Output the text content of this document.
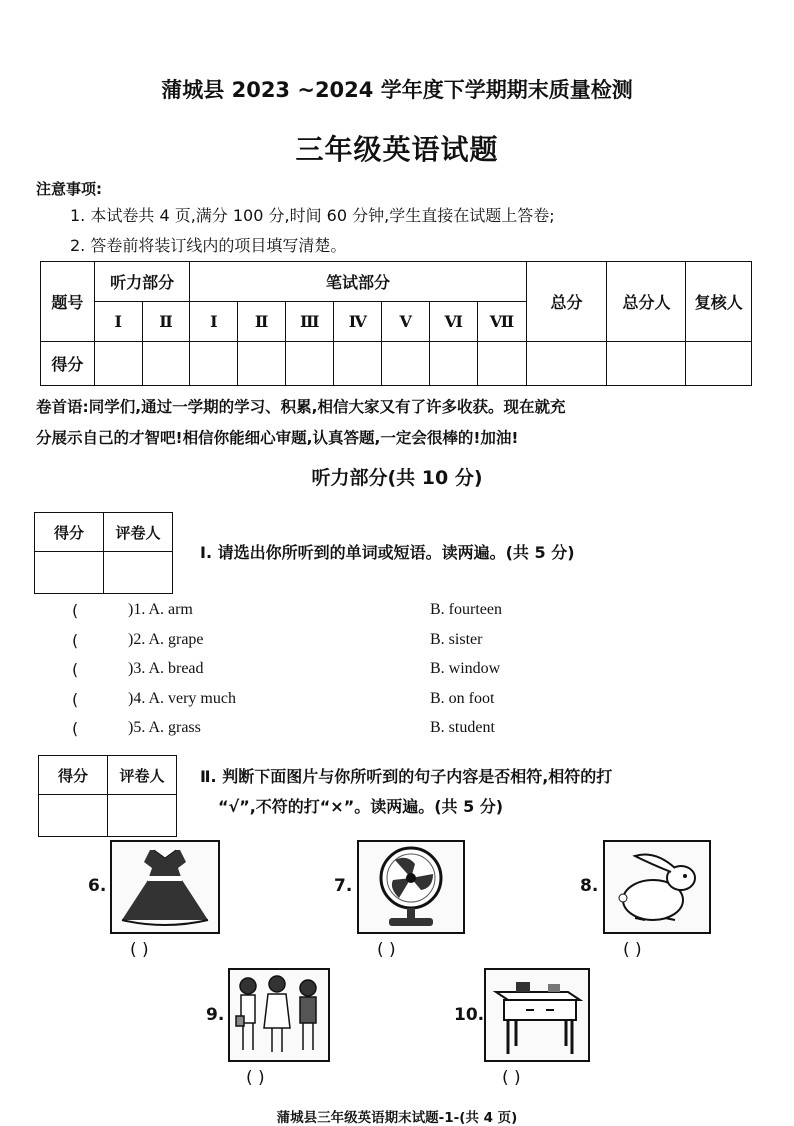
蒲城县 2023 ~2024 学年度下学期期末质量检测
三年级英语试题
注意事项:
1. 本试卷共 4 页,满分 100 分,时间 60 分钟,学生直接在试题上答卷;
2. 答卷前将装订线内的项目填写清楚。
题号	听力部分		笔试部分							总分	总分人	复核人
	Ⅰ	Ⅱ	Ⅰ	Ⅱ	Ⅲ	Ⅳ	Ⅴ	Ⅵ	Ⅶ			
得分												
卷首语:同学们,通过一学期的学习、积累,相信大家又有了许多收获。现在就充
分展示自己的才智吧!相信你能细心审题,认真答题,一定会很棒的!加油!
听力部分(共 10 分)
得分	评卷人

Ⅰ. 请选出你所听到的单词或短语。读两遍。(共 5 分)
(	)1. A. arm	B. fourteen
(	)2. A. grape	B. sister
(	)3. A. bread	B. window
(	)4. A. very much	B. on foot
(	)5. A. grass	B. student
得分	评卷人
	Ⅱ. 判断下面图片与你所听到的句子内容是否相符,相符的打
“√”,不符的打“×”。读两遍。(共 5 分)
6.
( )
7.
( )
8.
( )
9.
( )
10.
( )
蒲城县三年级英语期末试题-1-(共 4 页)
